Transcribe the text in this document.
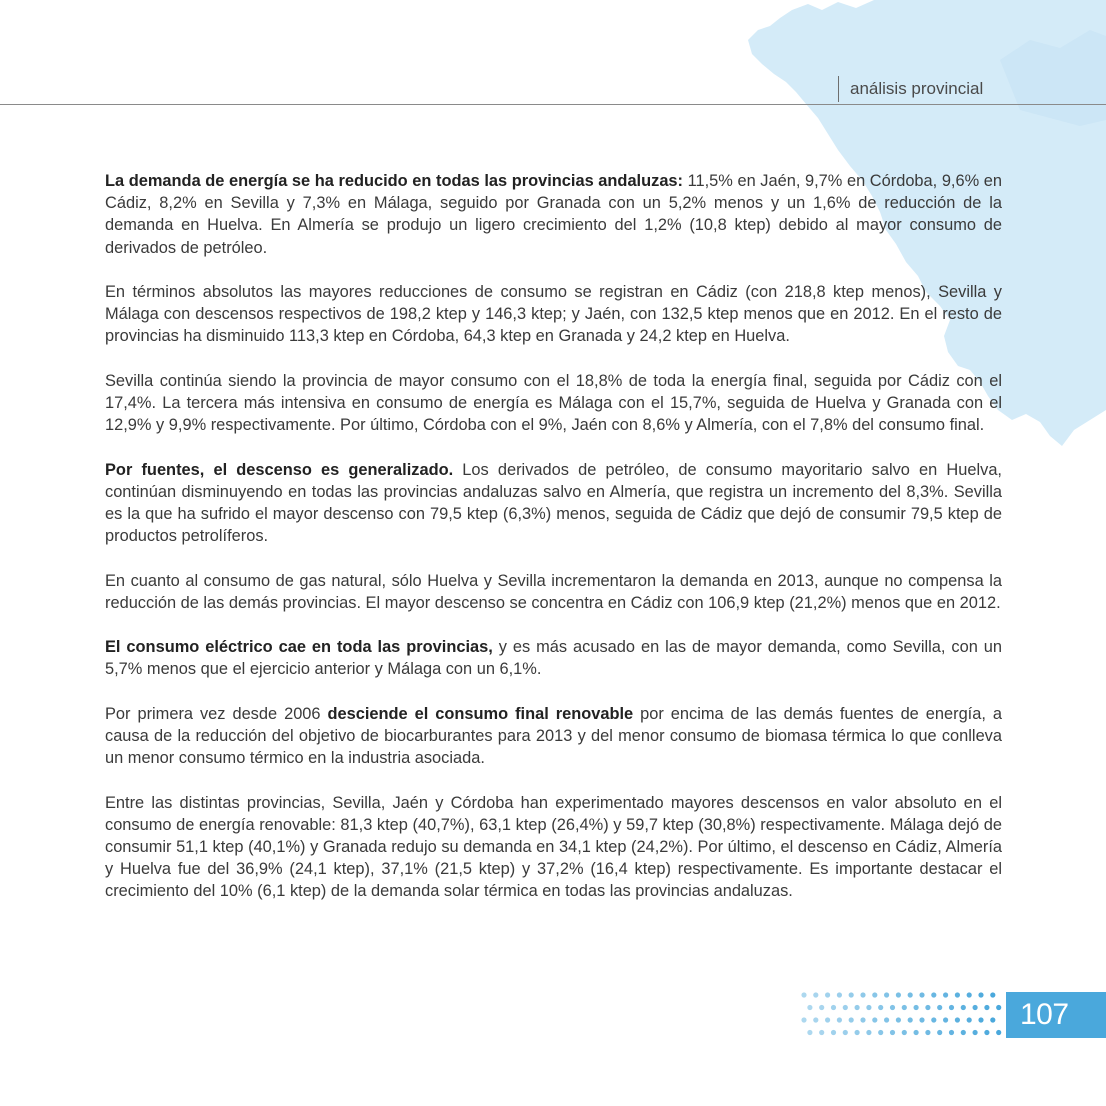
análisis provincial

La demanda de energía se ha reducido en todas las provincias andaluzas: 11,5% en Jaén, 9,7% en Córdoba, 9,6% en Cádiz, 8,2% en Sevilla y 7,3% en Málaga, seguido por Granada con un 5,2% menos y un 1,6% de reducción de la demanda en Huelva. En Almería se produjo un ligero crecimiento del 1,2% (10,8 ktep) debido al mayor consumo de derivados de petróleo.

En términos absolutos las mayores reducciones de consumo se registran en Cádiz (con 218,8 ktep menos), Sevilla y Málaga con descensos respectivos de 198,2 ktep y 146,3 ktep; y Jaén, con 132,5 ktep menos que en 2012. En el resto de provincias ha disminuido 113,3 ktep en Córdoba, 64,3 ktep en Granada y 24,2 ktep en Huelva.

Sevilla continúa siendo la provincia de mayor consumo con el 18,8% de toda la energía final, seguida por Cádiz con el 17,4%. La tercera más intensiva en consumo de energía es Málaga con el 15,7%, seguida de Huelva y Granada con el 12,9% y 9,9% respectivamente. Por último, Córdoba con el 9%, Jaén con 8,6% y Almería, con el 7,8% del consumo final.

Por fuentes, el descenso es generalizado. Los derivados de petróleo, de consumo mayoritario salvo en Huelva, continúan disminuyendo en todas las provincias andaluzas salvo en Almería, que registra un incremento del 8,3%. Sevilla es la que ha sufrido el mayor descenso con 79,5 ktep (6,3%) menos, seguida de Cádiz que dejó de consumir 79,5 ktep de productos petrolíferos.

En cuanto al consumo de gas natural, sólo Huelva y Sevilla incrementaron la demanda en 2013, aunque no compensa la reducción de las demás provincias. El mayor descenso se concentra en Cádiz con 106,9 ktep (21,2%) menos que en 2012.

El consumo eléctrico cae en toda las provincias, y es más acusado en las de mayor demanda, como Sevilla, con un 5,7% menos que el ejercicio anterior y Málaga con un 6,1%.

Por primera vez desde 2006 desciende el consumo final renovable por encima de las demás fuentes de energía, a causa de la reducción del objetivo de biocarburantes para 2013 y del menor consumo de biomasa térmica lo que conlleva un menor consumo térmico en la industria asociada.

Entre las distintas provincias, Sevilla, Jaén y Córdoba han experimentado mayores descensos en valor absoluto en el consumo de energía renovable: 81,3 ktep (40,7%), 63,1 ktep (26,4%) y 59,7 ktep (30,8%) respectivamente. Málaga dejó de consumir 51,1 ktep (40,1%) y Granada redujo su demanda en 34,1 ktep (24,2%). Por último, el descenso en Cádiz, Almería y Huelva fue del 36,9% (24,1 ktep), 37,1% (21,5 ktep) y 37,2% (16,4 ktep) respectivamente. Es importante destacar el crecimiento del 10% (6,1 ktep) de la demanda solar térmica en todas las provincias andaluzas.

107
